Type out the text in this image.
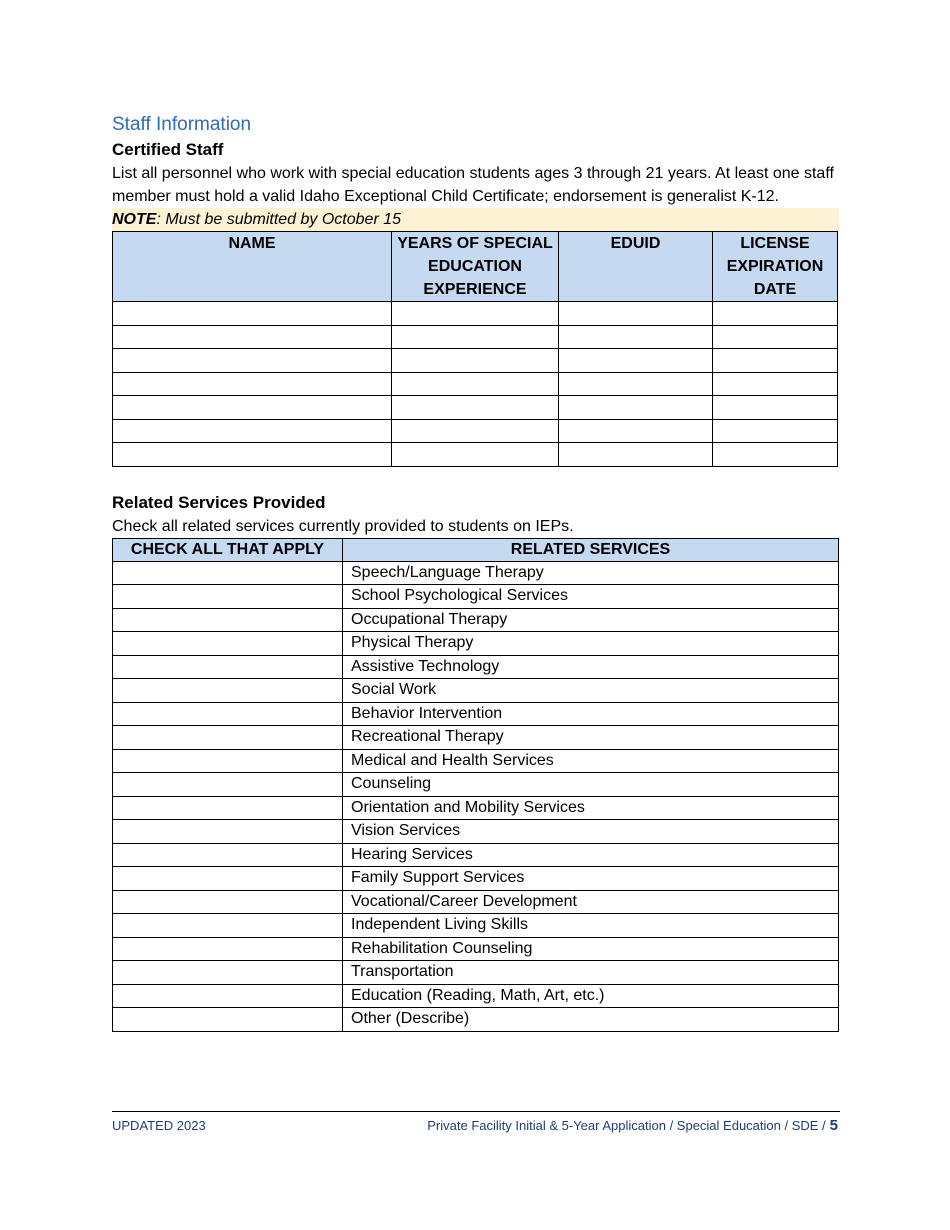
Staff Information

Certified Staff

List all personnel who work with special education students ages 3 through 21 years. At least one staff member must hold a valid Idaho Exceptional Child Certificate; endorsement is generalist K-12.

NOTE: Must be submitted by October 15
NAME	YEARS OF SPECIAL EDUCATION EXPERIENCE	EDUID	LICENSE EXPIRATION DATE

Related Services Provided

Check all related services currently provided to students on IEPs.

CHECK ALL THAT APPLY	RELATED SERVICES
	Speech/Language Therapy
	School Psychological Services
	Occupational Therapy
	Physical Therapy
	Assistive Technology
	Social Work
	Behavior Intervention
	Recreational Therapy
	Medical and Health Services
	Counseling
	Orientation and Mobility Services
	Vision Services
	Hearing Services
	Family Support Services
	Vocational/Career Development
	Independent Living Skills
	Rehabilitation Counseling
	Transportation
	Education (Reading, Math, Art, etc.)
	Other (Describe)
UPDATED 2023	Private Facility Initial & 5-Year Application / Special Education / SDE / 5
